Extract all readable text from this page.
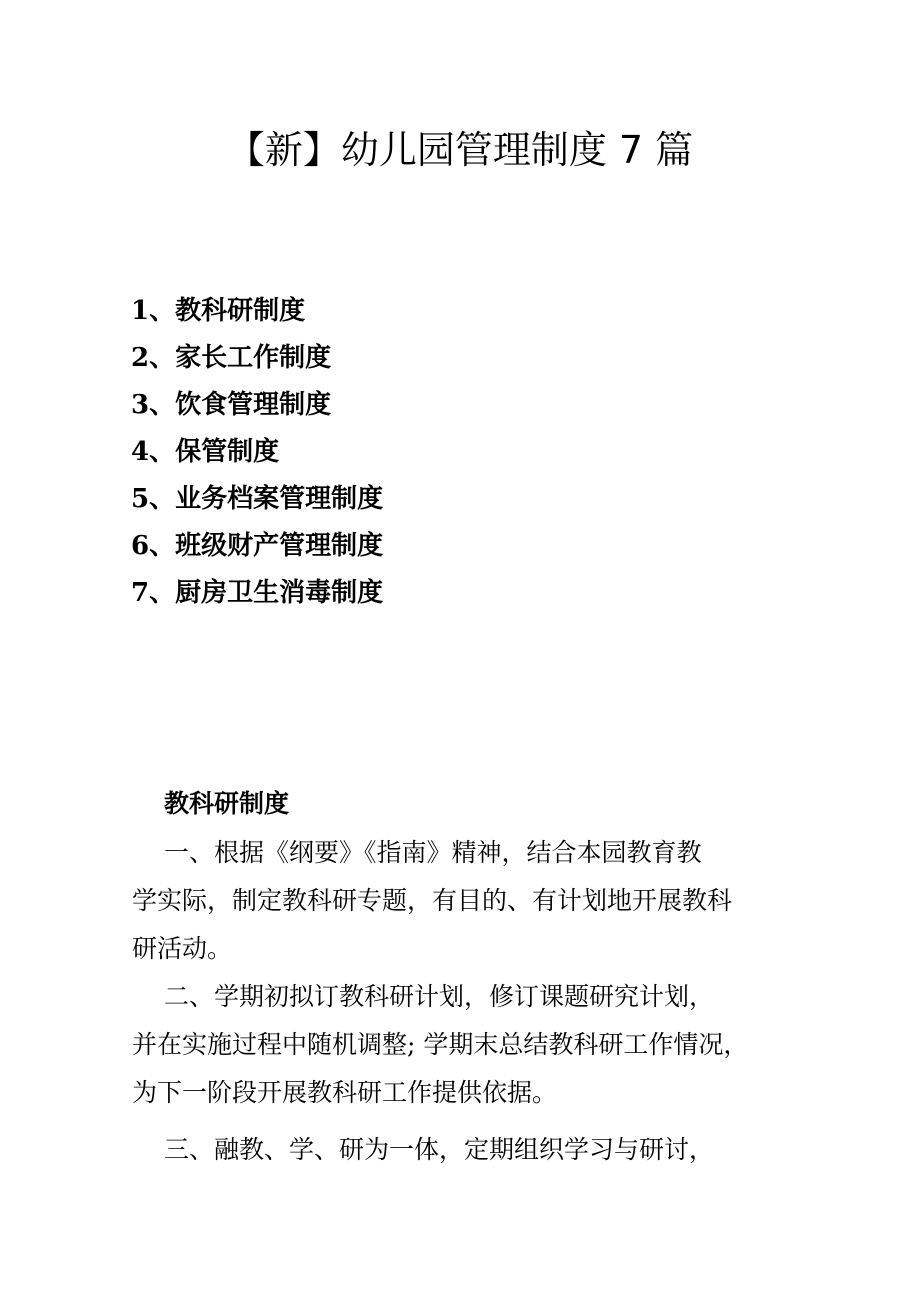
【新】幼儿园管理制度 7 篇
1、教科研制度
2、家长工作制度
3、饮食管理制度
4、保管制度
5、业务档案管理制度
6、班级财产管理制度
7、厨房卫生消毒制度
教科研制度
一、根据《纲要》《指南》精神，结合本园教育教
学实际，制定教科研专题，有目的、有计划地开展教科
研活动。
二、学期初拟订教科研计划，修订课题研究计划，
并在实施过程中随机调整; 学期末总结教科研工作情况，
为下一阶段开展教科研工作提供依据。
三、融教、学、研为一体，定期组织学习与研讨，
